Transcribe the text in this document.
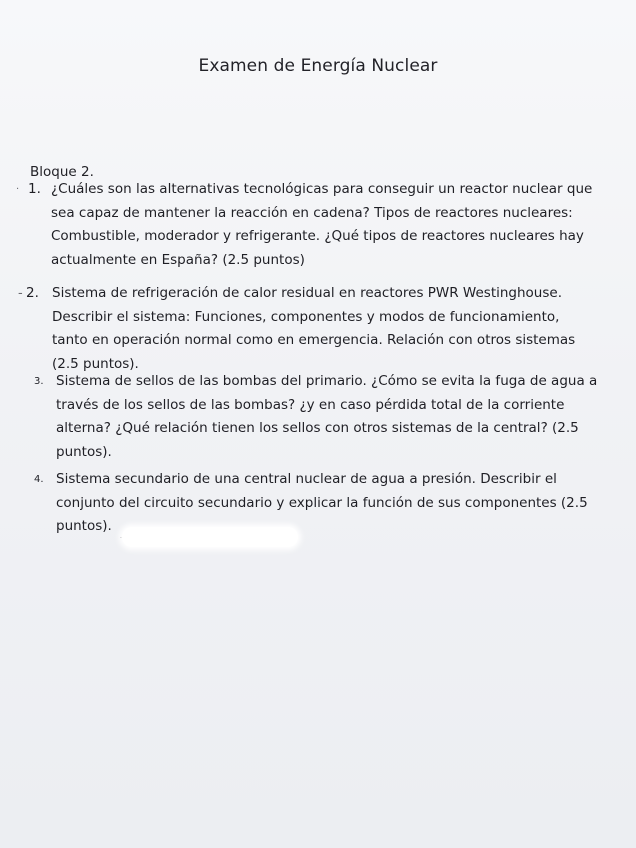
Examen de Energía Nuclear
Bloque 2.
· 1. ¿Cuáles son las alternativas tecnológicas para conseguir un reactor nuclear que
sea capaz de mantener la reacción en cadena? Tipos de reactores nucleares:
Combustible, moderador y refrigerante. ¿Qué tipos de reactores nucleares hay
actualmente en España? (2.5 puntos)
- 2. Sistema de refrigeración de calor residual en reactores PWR Westinghouse.
Describir el sistema: Funciones, componentes y modos de funcionamiento,
tanto en operación normal como en emergencia. Relación con otros sistemas
(2.5 puntos).
3. Sistema de sellos de las bombas del primario. ¿Cómo se evita la fuga de agua a
través de los sellos de las bombas? ¿y en caso pérdida total de la corriente
alterna? ¿Qué relación tienen los sellos con otros sistemas de la central? (2.5
puntos).
4. Sistema secundario de una central nuclear de agua a presión. Describir el
conjunto del circuito secundario y explicar la función de sus componentes (2.5
puntos).
